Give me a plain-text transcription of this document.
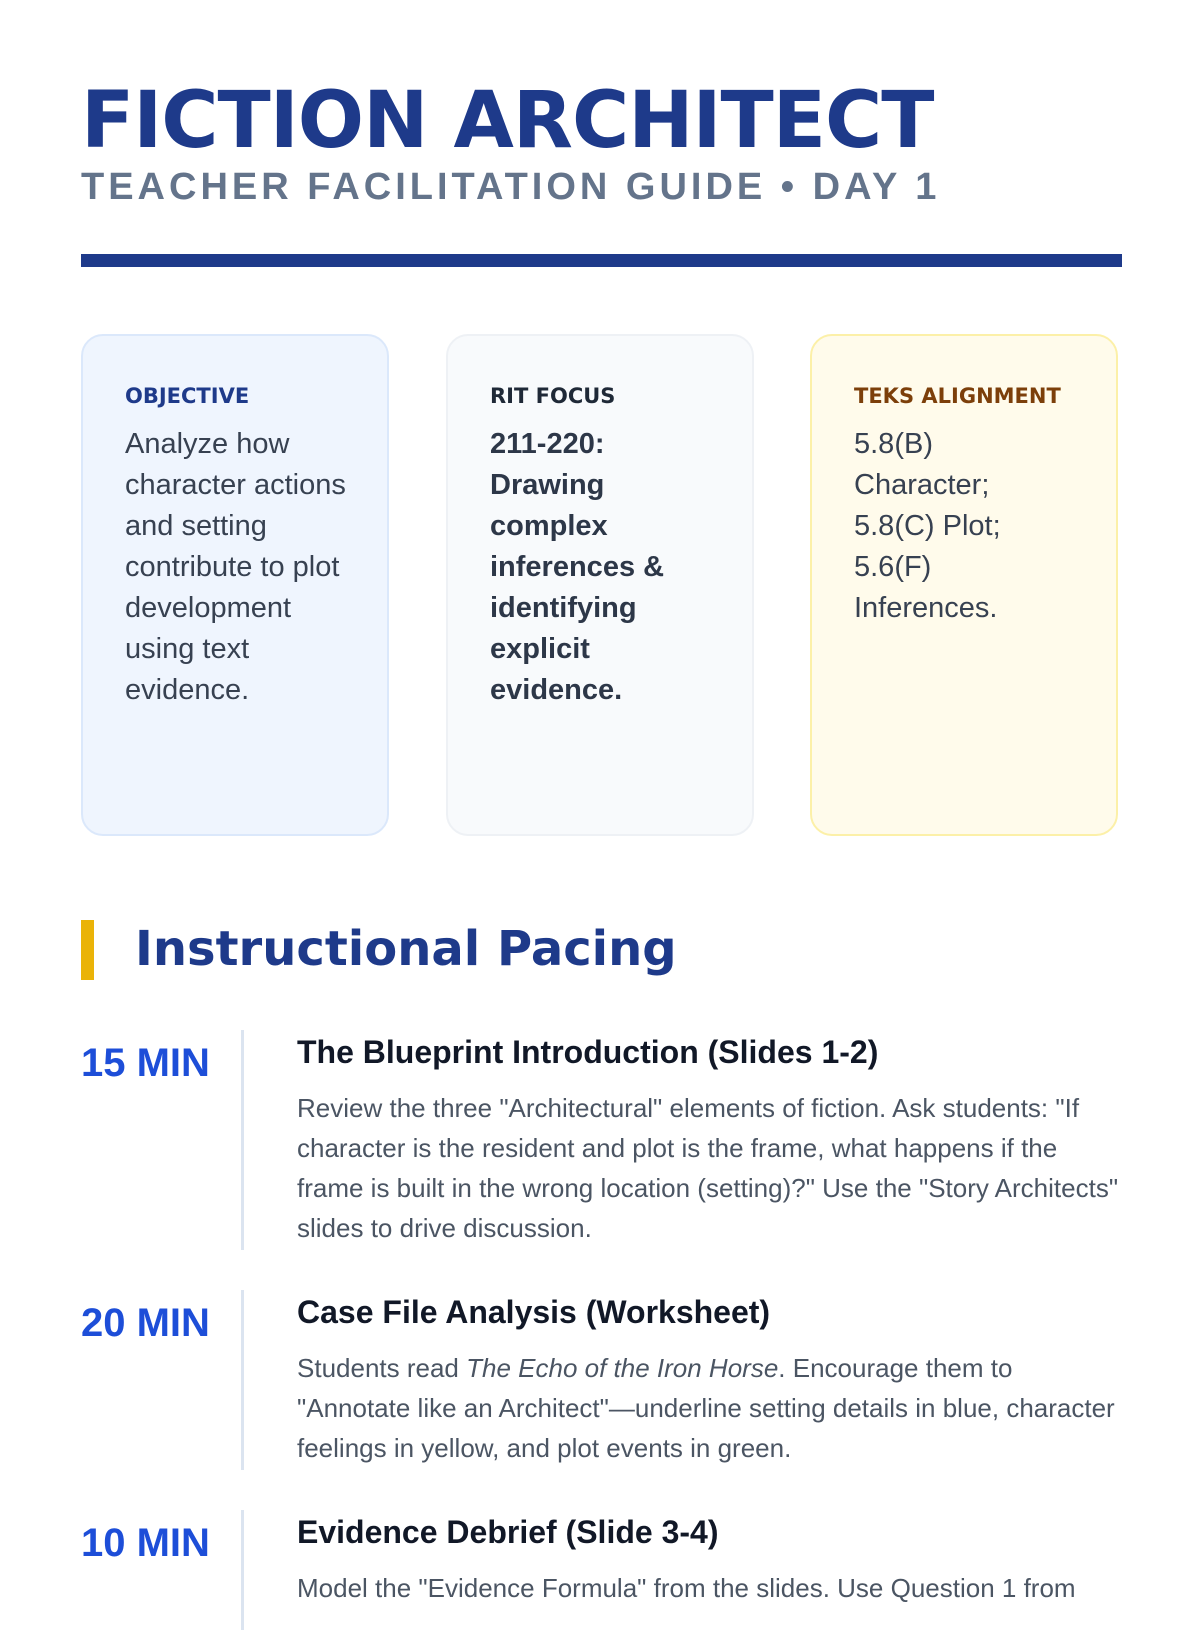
FICTION ARCHITECT
TEACHER FACILITATION GUIDE • DAY 1
OBJECTIVE

Analyze how character actions and setting contribute to plot development using text evidence.

RIT FOCUS

211-220: Drawing complex inferences & identifying explicit evidence.

TEKS ALIGNMENT

5.8(B) Character; 5.8(C) Plot; 5.6(F) Inferences.

Instructional Pacing
15 MIN	The Blueprint Introduction (Slides 1-2)

Review the three "Architectural" elements of fiction. Ask students: "If character is the resident and plot is the frame, what happens if the frame is built in the wrong location (setting)?" Use the "Story Architects" slides to drive discussion.

20 MIN	Case File Analysis (Worksheet)

Students read The Echo of the Iron Horse. Encourage them to "Annotate like an Architect"—underline setting details in blue, character feelings in yellow, and plot events in green.

10 MIN	Evidence Debrief (Slide 3-4)

Model the "Evidence Formula" from the slides. Use Question 1 from
